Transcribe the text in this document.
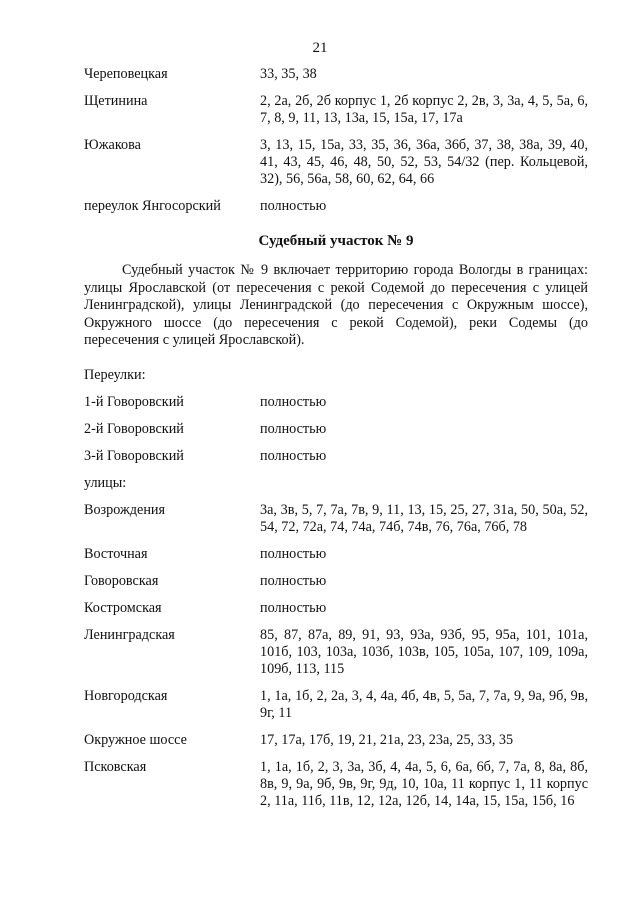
21
Череповецкая	33, 35, 38
Щетинина	2, 2а, 2б, 2б корпус 1, 2б корпус 2, 2в, 3, 3а, 4, 5, 5а, 6, 7, 8, 9, 11, 13, 13а, 15, 15а, 17, 17а
Южакова	3, 13, 15, 15а, 33, 35, 36, 36а, 36б, 37, 38, 38а, 39, 40, 41, 43, 45, 46, 48, 50, 52, 53, 54/32 (пер. Кольцевой, 32), 56, 56а, 58, 60, 62, 64, 66
переулок Янгосорский	полностью
Судебный участок № 9

Судебный участок № 9 включает территорию города Вологды в границах: улицы Ярославской (от пересечения с рекой Содемой до пересечения с улицей Ленинградской), улицы Ленинградской (до пересечения с Окружным шоссе), Окружного шоссе (до пересечения с рекой Содемой), реки Содемы (до пересечения с улицей Ярославской).

Переулки:
1-й Говоровский	полностью
2-й Говоровский	полностью
3-й Говоровский	полностью
улицы:
Возрождения	3а, 3в, 5, 7, 7а, 7в, 9, 11, 13, 15, 25, 27, 31а, 50, 50а, 52, 54, 72, 72а, 74, 74а, 74б, 74в, 76, 76а, 76б, 78
Восточная	полностью
Говоровская	полностью
Костромская	полностью
Ленинградская	85, 87, 87а, 89, 91, 93, 93а, 93б, 95, 95а, 101, 101а, 101б, 103, 103а, 103б, 103в, 105, 105а, 107, 109, 109а, 109б, 113, 115
Новгородская	1, 1а, 1б, 2, 2а, 3, 4, 4а, 4б, 4в, 5, 5а, 7, 7а, 9, 9а, 9б, 9в, 9г, 11
Окружное шоссе	17, 17а, 17б, 19, 21, 21а, 23, 23а, 25, 33, 35
Псковская	1, 1а, 1б, 2, 3, 3а, 3б, 4, 4а, 5, 6, 6а, 6б, 7, 7а, 8, 8а, 8б, 8в, 9, 9а, 9б, 9в, 9г, 9д, 10, 10а, 11 корпус 1, 11 корпус 2, 11а, 11б, 11в, 12, 12а, 12б, 14, 14а, 15, 15а, 15б, 16
